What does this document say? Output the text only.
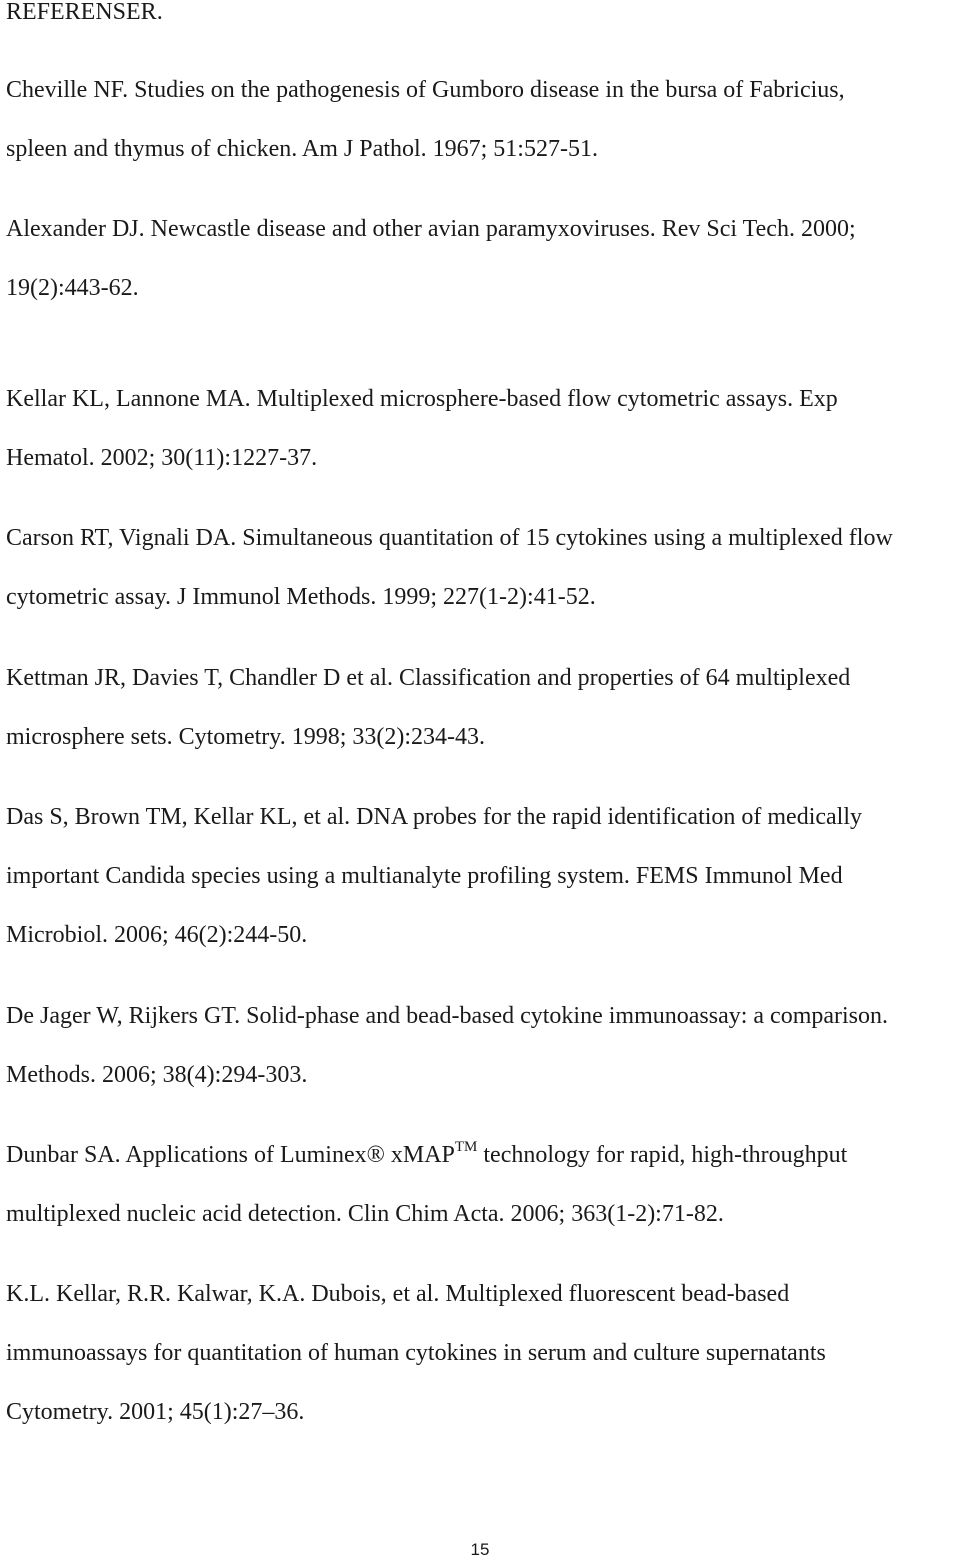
REFERENSER.

Cheville NF. Studies on the pathogenesis of Gumboro disease in the bursa of Fabricius,
spleen and thymus of chicken. Am J Pathol. 1967; 51:527-51.
Alexander DJ. Newcastle disease and other avian paramyxoviruses. Rev Sci Tech. 2000;
19(2):443-62.
Kellar KL, Lannone MA. Multiplexed microsphere-based flow cytometric assays. Exp
Hematol. 2002; 30(11):1227-37.
Carson RT, Vignali DA. Simultaneous quantitation of 15 cytokines using a multiplexed flow
cytometric assay. J Immunol Methods. 1999; 227(1-2):41-52.
Kettman JR, Davies T, Chandler D et al. Classification and properties of 64 multiplexed
microsphere sets. Cytometry. 1998; 33(2):234-43.
Das S, Brown TM, Kellar KL, et al. DNA probes for the rapid identification of medically
important Candida species using a multianalyte profiling system. FEMS Immunol Med
Microbiol. 2006; 46(2):244-50.
De Jager W, Rijkers GT. Solid-phase and bead-based cytokine immunoassay: a comparison.
Methods. 2006; 38(4):294-303.
Dunbar SA. Applications of Luminex® xMAP™ technology for rapid, high-throughput
multiplexed nucleic acid detection. Clin Chim Acta. 2006; 363(1-2):71-82.
K.L. Kellar, R.R. Kalwar, K.A. Dubois, et al. Multiplexed fluorescent bead-based
immunoassays for quantitation of human cytokines in serum and culture supernatants
Cytometry. 2001; 45(1):27–36.

15
